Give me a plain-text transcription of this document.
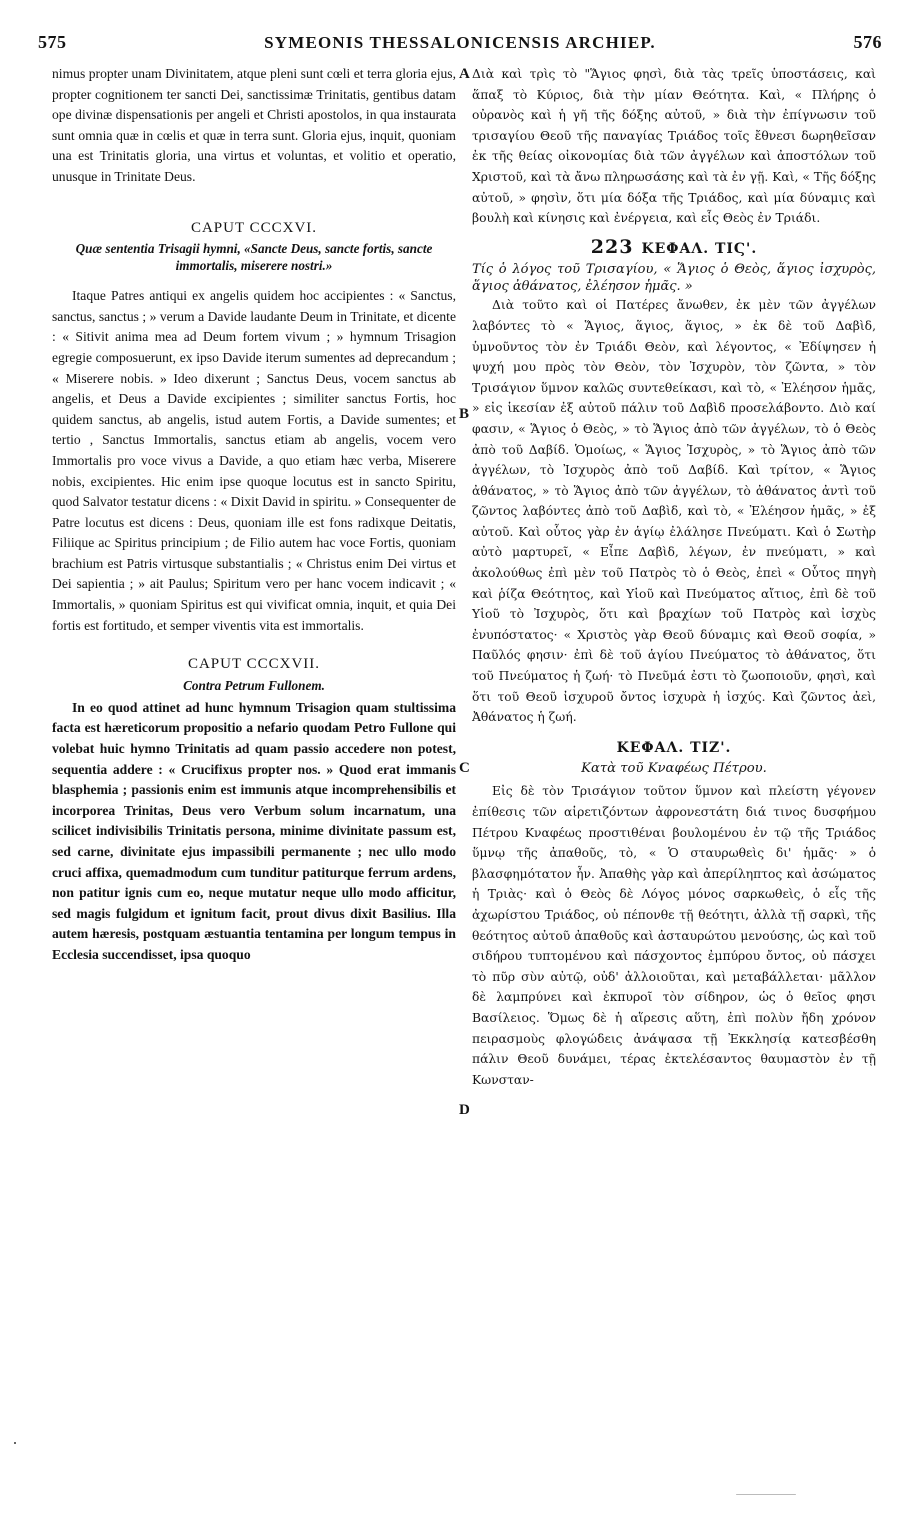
575	SYMEONIS THESSALONICENSIS ARCHIEP.	576
A
B
C
D

nimus propter unam Divinitatem, atque pleni sunt cœli et terra gloria ejus, propter cognitionem ter sancti Dei, sanctissimæ Trinitatis, gentibus datam ope divinæ dispensationis per angeli et Christi apostolos, in qua instaurata sunt omnia quæ in cœlis et quæ in terra sunt. Gloria ejus, inquit, quoniam una est Trinitatis gloria, una virtus et voluntas, et volitio et operatio, unusque in Trinitate Deus.

CAPUT CCCXVI.
Quæ sententia Trisagii hymni, «Sancte Deus, sancte fortis, sancte immortalis, miserere nostri.»

Itaque Patres antiqui ex angelis quidem hoc accipientes : « Sanctus, sanctus, sanctus ; » verum a Davide laudante Deum in Trinitate, et dicente : « Sitivit anima mea ad Deum fortem vivum ; » hymnum Trisagion egregie composuerunt, ex ipso Davide iterum sumentes ad deprecandum ; « Miserere nobis. » Ideo dixerunt ; Sanctus Deus, vocem sanctus ab angelis, et Deus a Davide excipientes ; similiter sanctus Fortis, hoc quidem sanctus, ab angelis, istud autem Fortis, a Davide sumentes; et tertio , Sanctus Immortalis, sanctus etiam ab angelis, vocem vero Immortalis pro voce vivus a Davide, a quo etiam hæc verba, Miserere nobis, excipientes. Hic enim ipse quoque locutus est in sancto Spiritu, quod Salvator testatur dicens : « Dixit David in spiritu. » Consequenter de Patre locutus est dicens : Deus, quoniam ille est fons radixque Deitatis, Filiique ac Spiritus principium ; de Filio autem hac voce Fortis, quoniam brachium est Patris virtusque substantialis ; « Christus enim Dei virtus et Dei sapientia ; » ait Paulus; Spiritum vero per hanc vocem indicavit ; « Immortalis, » quoniam Spiritus est qui vivificat omnia, inquit, et quia Dei fortis est fortitudo, et semper viventis vita est immortalis.

CAPUT CCCXVII.
Contra Petrum Fullonem.

In eo quod attinet ad hunc hymnum Trisagion quam stultissima facta est hæreticorum propositio a nefario quodam Petro Fullone qui volebat huic hymno Trinitatis ad quam passio accedere non potest, sequentia addere : « Crucifixus propter nos. » Quod erat immanis blasphemia ; passionis enim est immunis atque incomprehensibilis et incorporea Trinitas, Deus vero Verbum solum incarnatum, una scilicet indivisibilis Trinitatis persona, minime divinitate passum est, sed carne, divinitate ejus impassibili permanente ; nec ullo modo cruci affixa, quemadmodum cum tunditur patiturque ferrum ardens, non patitur ignis cum eo, neque mutatur neque ullo modo afficitur, sed magis fulgidum et ignitum facit, prout divus dixit Basilius. Illa autem hæresis, postquam æstuantia tentamina per longum tempus in Ecclesia succendisset, ipsa quoquo

Διὰ καὶ τρὶς τὸ "Ἅγιος φησὶ, διὰ τὰς τρεῖς ὑποστάσεις, καὶ ἅπαξ τὸ Κύριος, διὰ τὴν μίαν Θεότητα. Καὶ, « Πλήρης ὁ οὐρανὸς καὶ ἡ γῆ τῆς δόξης αὐτοῦ, » διὰ τὴν ἐπίγνωσιν τοῦ τρισαγίου Θεοῦ τῆς παναγίας Τριάδος τοῖς ἔθνεσι δωρηθεῖσαν ἐκ τῆς θείας οἰκονομίας διὰ τῶν ἀγγέλων καὶ ἀποστόλων τοῦ Χριστοῦ, καὶ τὰ ἄνω πληρωσάσης καὶ τὰ ἐν γῇ. Καὶ, « Τῆς δόξης αὐτοῦ, » φησὶν, ὅτι μία δόξα τῆς Τριάδος, καὶ μία δύναμις καὶ βουλὴ καὶ κίνησις καὶ ἐνέργεια, καὶ εἷς Θεὸς ἐν Τριάδι.

223 ΚΕΦΑΛ. ΤΙϚ'.

Τίς ὁ λόγος τοῦ Τρισαγίου, « Ἅγιος ὁ Θεὸς, ἅγιος ἰσχυρὸς, ἅγιος ἀθάνατος, ἐλέησον ἡμᾶς. »

Διὰ τοῦτο καὶ οἱ Πατέρες ἄνωθεν, ἐκ μὲν τῶν ἀγγέλων λαβόντες τὸ « Ἅγιος, ἅγιος, ἅγιος, » ἐκ δὲ τοῦ Δαβὶδ, ὑμνοῦντος τὸν ἐν Τριάδι Θεὸν, καὶ λέγοντος, « Ἐδίψησεν ἡ ψυχή μου πρὸς τὸν Θεὸν, τὸν Ἰσχυρὸν, τὸν ζῶντα, » τὸν Τρισάγιον ὕμνον καλῶς συντεθείκασι, καὶ τὸ, « Ἐλέησον ἡμᾶς, » εἰς ἱκεσίαν ἐξ αὐτοῦ πάλιν τοῦ Δαβὶδ προσελάβοντο. Διὸ καί φασιν, « Ἅγιος ὁ Θεὸς, » τὸ Ἅγιος ἀπὸ τῶν ἀγγέλων, τὸ ὁ Θεὸς ἀπὸ τοῦ Δαβίδ. Ὁμοίως, « Ἅγιος Ἰσχυρὸς, » τὸ Ἅγιος ἀπὸ τῶν ἀγγέλων, τὸ Ἰσχυρὸς ἀπὸ τοῦ Δαβίδ. Καὶ τρίτον, « Ἅγιος ἀθάνατος, » τὸ Ἅγιος ἀπὸ τῶν ἀγγέλων, τὸ ἀθάνατος ἀντὶ τοῦ ζῶντος λαβόντες ἀπὸ τοῦ Δαβὶδ, καὶ τὸ, « Ἐλέησον ἡμᾶς, » ἐξ αὐτοῦ. Καὶ οὗτος γὰρ ἐν ἁγίῳ ἐλάλησε Πνεύματι. Καὶ ὁ Σωτὴρ αὐτὸ μαρτυρεῖ, « Εἶπε Δαβὶδ, λέγων, ἐν πνεύματι, » καὶ ἀκολούθως ἐπὶ μὲν τοῦ Πατρὸς τὸ ὁ Θεὸς, ἐπεὶ « Οὗτος πηγὴ καὶ ῥίζα Θεότητος, καὶ Υἱοῦ καὶ Πνεύματος αἴτιος, ἐπὶ δὲ τοῦ Υἱοῦ τὸ Ἰσχυρὸς, ὅτι καὶ βραχίων τοῦ Πατρὸς καὶ ἰσχὺς ἐνυπόστατος· « Χριστὸς γὰρ Θεοῦ δύναμις καὶ Θεοῦ σοφία, » Παῦλός φησιν· ἐπὶ δὲ τοῦ ἁγίου Πνεύματος τὸ ἀθάνατος, ὅτι τοῦ Πνεύματος ἡ ζωή· τὸ Πνεῦμά ἐστι τὸ ζωοποιοῦν, φησὶ, καὶ ὅτι τοῦ Θεοῦ ἰσχυροῦ ὄντος ἰσχυρὰ ἡ ἰσχύς. Καὶ ζῶντος ἀεὶ, Ἀθάνατος ἡ ζωή.

ΚΕΦΑΛ. ΤΙΖ'.
Κατὰ τοῦ Κναφέως Πέτρου.

Εἰς δὲ τὸν Τρισάγιον τοῦτον ὕμνον καὶ πλείστη γέγονεν ἐπίθεσις τῶν αἱρετιζόντων ἀφρονεστάτη διά τινος δυσφήμου Πέτρου Κναφέως προστιθέναι βουλομένου ἐν τῷ τῆς Τριάδος ὕμνῳ τῆς ἀπαθοῦς, τὸ, « Ὁ σταυρωθεὶς δι' ἡμᾶς· » ὁ βλασφημότατον ἦν. Ἀπαθὴς γὰρ καὶ ἀπερίληπτος καὶ ἀσώματος ἡ Τριὰς· καὶ ὁ Θεὸς δὲ Λόγος μόνος σαρκωθεὶς, ὁ εἷς τῆς ἀχωρίστου Τριάδος, οὐ πέπονθε τῇ θεότητι, ἀλλὰ τῇ σαρκὶ, τῆς θεότητος αὐτοῦ ἀπαθοῦς καὶ ἀσταυρώτου μενούσης, ὡς καὶ τοῦ σιδήρου τυπτομένου καὶ πάσχοντος ἐμπύρου ὄντος, οὐ πάσχει τὸ πῦρ σὺν αὐτῷ, οὐδ' ἀλλοιοῦται, καὶ μεταβάλλεται· μᾶλλον δὲ λαμπρύνει καὶ ἐκπυροῖ τὸν σίδηρον, ὡς ὁ θεῖος φησι Βασίλειος. Ὅμως δὲ ἡ αἵρεσις αὕτη, ἐπὶ πολὺν ἤδη χρόνον πειρασμοὺς φλογώδεις ἀνάψασα τῇ Ἐκκλησίᾳ κατεσβέσθη πάλιν Θεοῦ δυνάμει, τέρας ἐκτελέσαντος θαυμαστὸν ἐν τῇ Κωνσταν-
